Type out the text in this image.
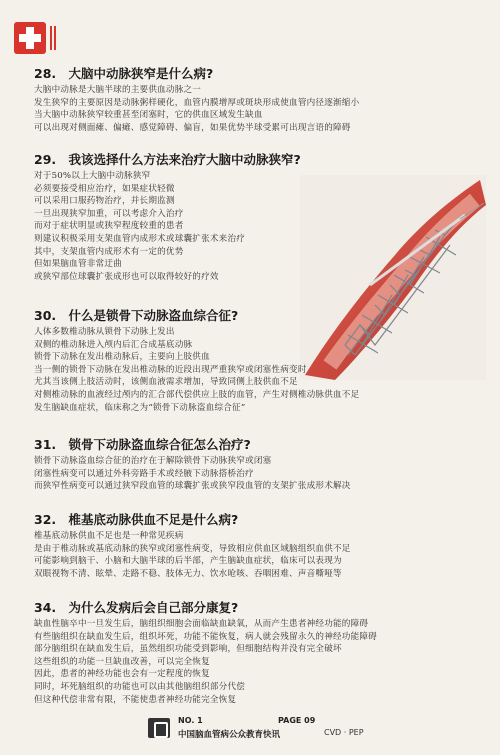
28. 大脑中动脉狭窄是什么病?
大脑中动脉是大脑半球的主要供血动脉之一
发生狭窄的主要原因是动脉粥样硬化，血管内膜增厚或斑块形成使血管内径逐渐缩小
当大脑中动脉狭窄较重甚至闭塞时，它的供血区域发生缺血
可以出现对侧面瘫、偏瘫、感觉障碍、偏盲，如果优势半球受累可出现言语的障碍
29. 我该选择什么方法来治疗大脑中动脉狭窄?
对于50%以上大脑中动脉狭窄
必须要接受相应治疗，如果症状轻微
可以采用口服药物治疗，并长期监测
一旦出现狭窄加重，可以考虑介入治疗
而对于症状明显或狭窄程度较重的患者
则建议积极采用支架血管内成形术或球囊扩张术来治疗
其中，支架血管内成形术有一定的优势
但如果脑血管非常迂曲
或狭窄部位球囊扩张成形也可以取得较好的疗效
30. 什么是锁骨下动脉盗血综合征?
人体多数椎动脉从锁骨下动脉上发出
双侧的椎动脉进入颅内后汇合成基底动脉
锁骨下动脉在发出椎动脉后，主要向上肢供血
当一侧的锁骨下动脉在发出椎动脉的近段出现严重狭窄或闭塞性病变时
尤其当该侧上肢活动时，该侧血液需求增加，导致同侧上肢供血不足
对侧椎动脉的血液经过颅内的汇合部代偿供应上肢的血管，产生对侧椎动脉供血不足
发生脑缺血症状，临床称之为“锁骨下动脉盗血综合征”
31. 锁骨下动脉盗血综合征怎么治疗?
锁骨下动脉盗血综合征的治疗在于解除锁骨下动脉狭窄或闭塞
闭塞性病变可以通过外科旁路手术或经腋下动脉搭桥治疗
而狭窄性病变可以通过狭窄段血管的球囊扩张或狭窄段血管的支架扩张成形术解决
32. 椎基底动脉供血不足是什么病?
椎基底动脉供血不足也是一种常见疾病
是由于椎动脉或基底动脉的狭窄或闭塞性病变，导致相应供血区域脑组织血供不足
可能影响到脑干、小脑和大脑半球的后半部，产生脑缺血症状，临床可以表现为
双眼视物不清、眩晕、走路不稳、肢体无力、饮水呛咳、吞咽困难、声音嘶哑等
34. 为什么发病后会自己部分康复?
缺血性脑卒中一旦发生后，脑组织细胞会面临缺血缺氧，从而产生患者神经功能的障碍
有些脑组织在缺血发生后，组织坏死，功能不能恢复，病人就会残留永久的神经功能障碍
部分脑组织在缺血发生后，虽然组织功能受到影响，但细胞结构并没有完全破坏
这些组织的功能一旦缺血改善，可以完全恢复
因此，患者的神经功能也会有一定程度的恢复
同时，坏死脑组织的功能也可以由其他脑组织部分代偿
但这种代偿非常有限，不能使患者神经功能完全恢复
NO. 1	PAGE 09
中国脑血管病公众教育快讯	CVD · PEP
